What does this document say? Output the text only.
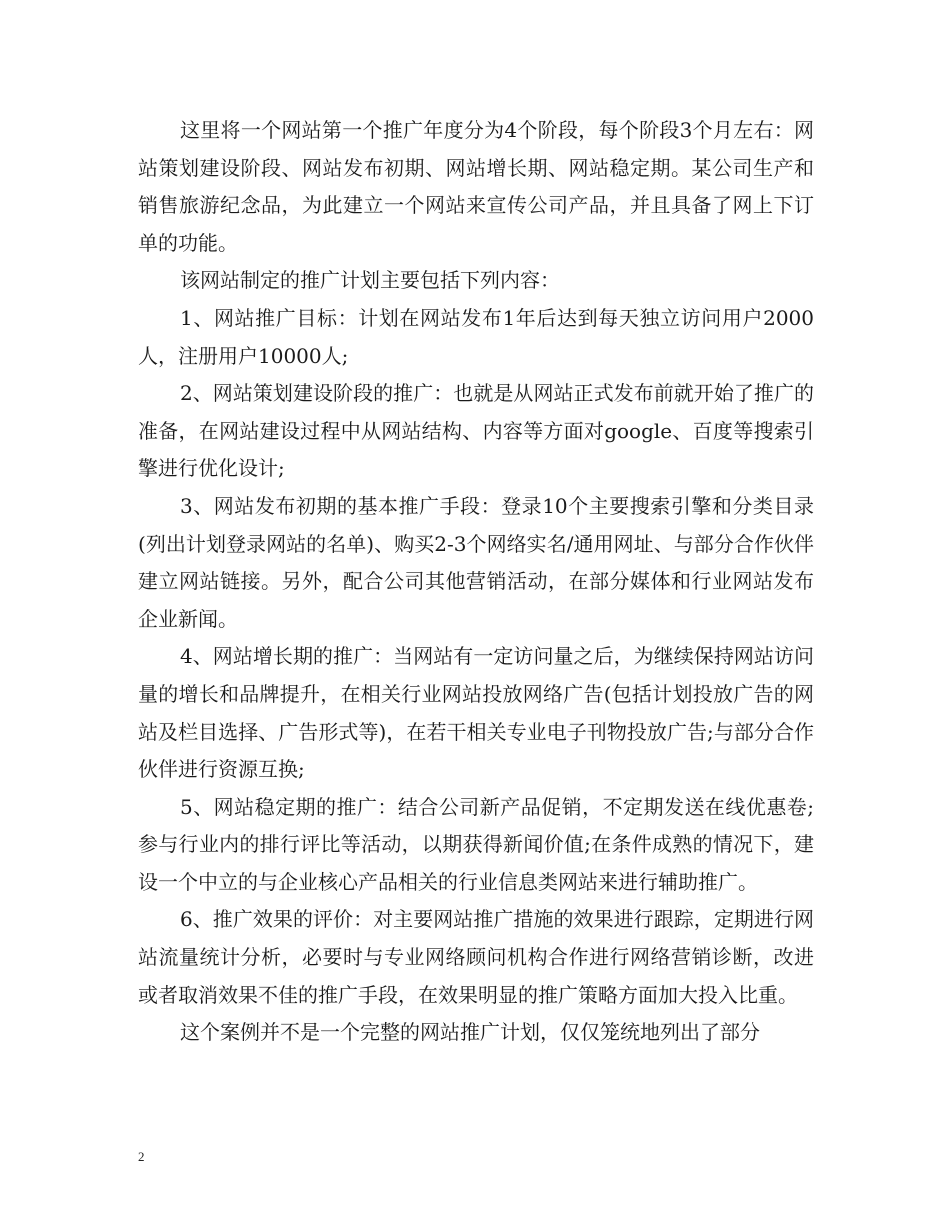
这里将一个网站第一个推广年度分为4个阶段，每个阶段3个月左右：网站策划建设阶段、网站发布初期、网站增长期、网站稳定期。某公司生产和销售旅游纪念品，为此建立一个网站来宣传公司产品，并且具备了网上下订单的功能。

该网站制定的推广计划主要包括下列内容：

1、网站推广目标：计划在网站发布1年后达到每天独立访问用户2000人，注册用户10000人;

2、网站策划建设阶段的推广：也就是从网站正式发布前就开始了推广的准备，在网站建设过程中从网站结构、内容等方面对google、百度等搜索引擎进行优化设计;

3、网站发布初期的基本推广手段：登录10个主要搜索引擎和分类目录(列出计划登录网站的名单)、购买2-3个网络实名/通用网址、与部分合作伙伴建立网站链接。另外，配合公司其他营销活动，在部分媒体和行业网站发布企业新闻。

4、网站增长期的推广：当网站有一定访问量之后，为继续保持网站访问量的增长和品牌提升，在相关行业网站投放网络广告(包括计划投放广告的网站及栏目选择、广告形式等)，在若干相关专业电子刊物投放广告;与部分合作伙伴进行资源互换;

5、网站稳定期的推广：结合公司新产品促销，不定期发送在线优惠卷;参与行业内的排行评比等活动，以期获得新闻价值;在条件成熟的情况下，建设一个中立的与企业核心产品相关的行业信息类网站来进行辅助推广。

6、推广效果的评价：对主要网站推广措施的效果进行跟踪，定期进行网站流量统计分析，必要时与专业网络顾问机构合作进行网络营销诊断，改进或者取消效果不佳的推广手段，在效果明显的推广策略方面加大投入比重。

这个案例并不是一个完整的网站推广计划，仅仅笼统地列出了部分

2
